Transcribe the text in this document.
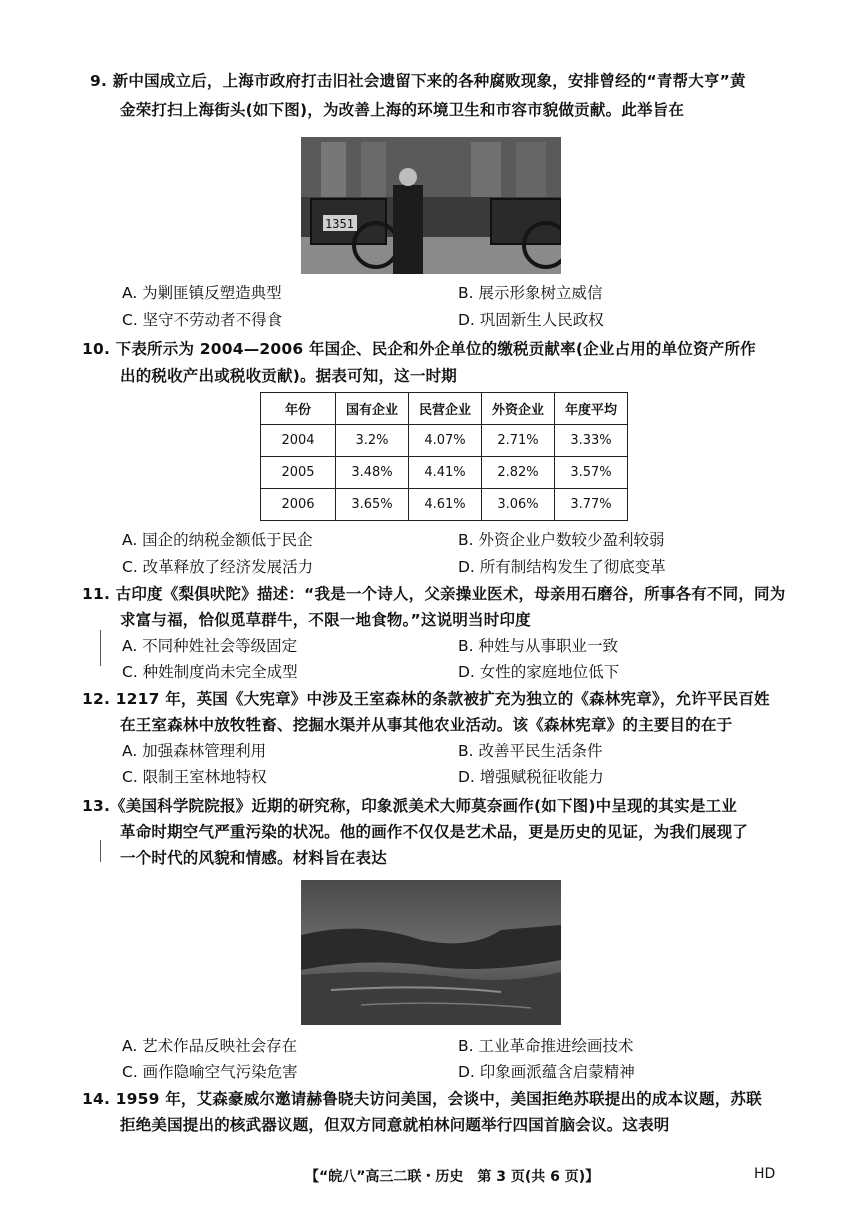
9. 新中国成立后，上海市政府打击旧社会遗留下来的各种腐败现象，安排曾经的“青帮大亨”黄
金荣打扫上海街头(如下图)，为改善上海的环境卫生和市容市貌做贡献。此举旨在
1351
A. 为剿匪镇反塑造典型	B. 展示形象树立威信
C. 坚守不劳动者不得食	D. 巩固新生人民政权
10. 下表所示为 2004—2006 年国企、民企和外企单位的缴税贡献率(企业占用的单位资产所作
出的税收产出或税收贡献)。据表可知，这一时期
年份	国有企业	民营企业	外资企业	年度平均
2004	3.2%	4.07%	2.71%	3.33%
2005	3.48%	4.41%	2.82%	3.57%
2006	3.65%	4.61%	3.06%	3.77%
A. 国企的纳税金额低于民企	B. 外资企业户数较少盈利较弱
C. 改革释放了经济发展活力	D. 所有制结构发生了彻底变革
11. 古印度《梨俱吠陀》描述：“我是一个诗人，父亲操业医术，母亲用石磨谷，所事各有不同，同为
求富与福，恰似觅草群牛，不限一地食物。”这说明当时印度
A. 不同种姓社会等级固定	B. 种姓与从事职业一致
C. 种姓制度尚未完全成型	D. 女性的家庭地位低下
12. 1217 年，英国《大宪章》中涉及王室森林的条款被扩充为独立的《森林宪章》，允许平民百姓
在王室森林中放牧牲畜、挖掘水渠并从事其他农业活动。该《森林宪章》的主要目的在于
A. 加强森林管理利用	B. 改善平民生活条件
C. 限制王室林地特权	D. 增强赋税征收能力
13.《美国科学院院报》近期的研究称，印象派美术大师莫奈画作(如下图)中呈现的其实是工业
革命时期空气严重污染的状况。他的画作不仅仅是艺术品，更是历史的见证，为我们展现了
一个时代的风貌和情感。材料旨在表达
A. 艺术作品反映社会存在	B. 工业革命推进绘画技术
C. 画作隐喻空气污染危害	D. 印象画派蕴含启蒙精神
14. 1959 年，艾森豪威尔邀请赫鲁晓夫访问美国，会谈中，美国拒绝苏联提出的成本议题，苏联
拒绝美国提出的核武器议题，但双方同意就柏林问题举行四国首脑会议。这表明
【“皖八”高三二联・历史　第 3 页(共 6 页)】	HD
